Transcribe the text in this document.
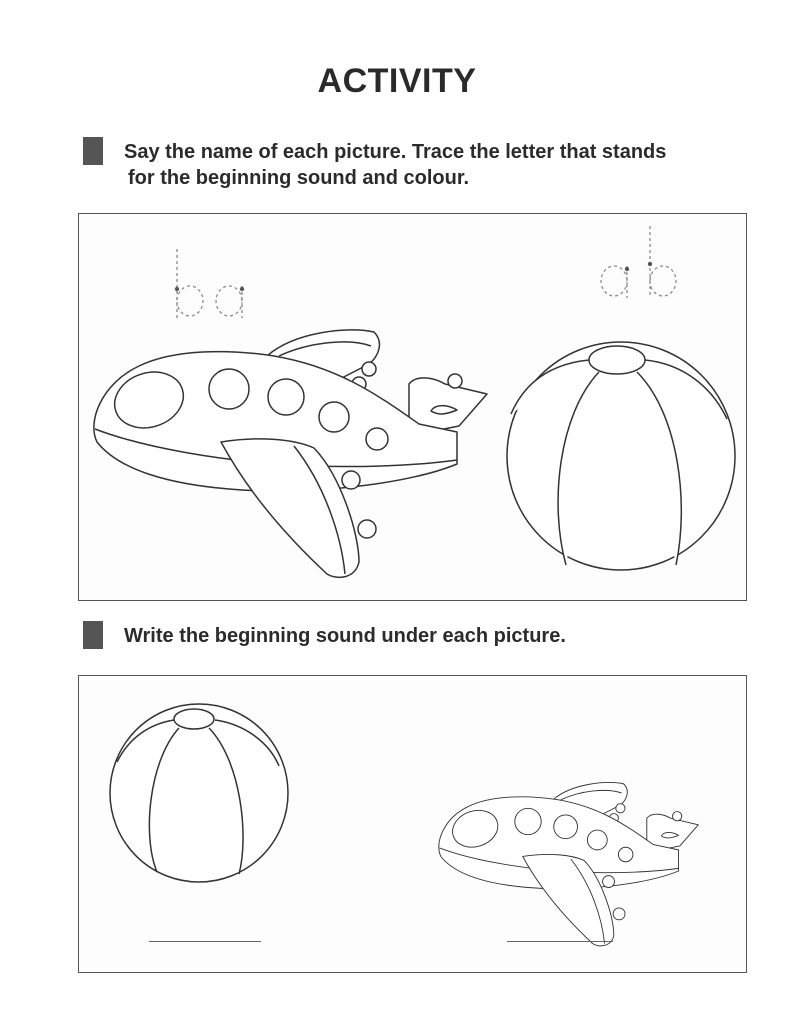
ACTIVITY
Say the name of each picture. Trace the letter that stands
for the beginning sound and colour.
Write the beginning sound under each picture.
